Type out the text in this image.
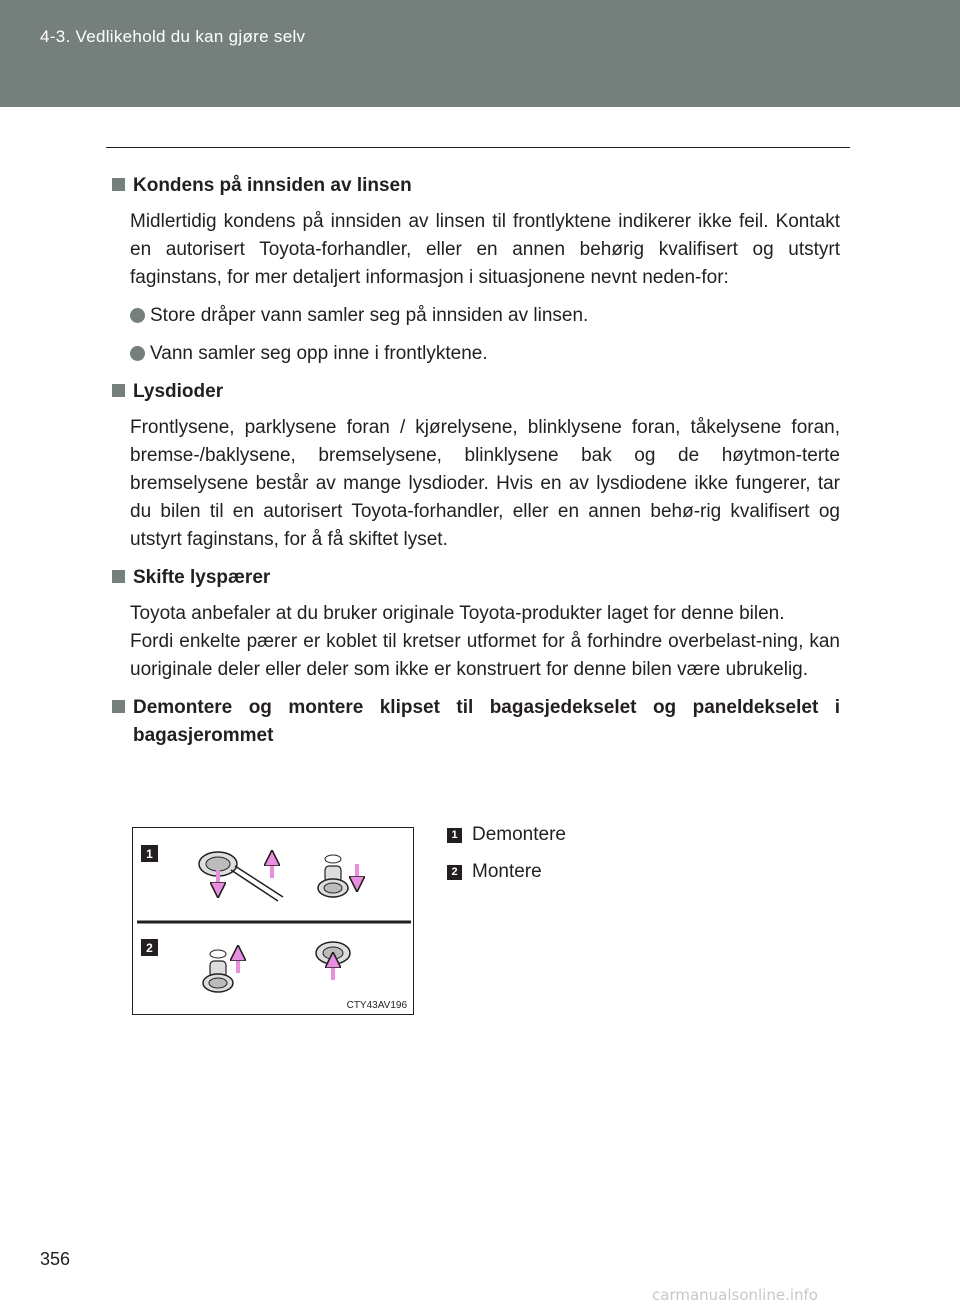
4-3. Vedlikehold du kan gjøre selv
Kondens på innsiden av linsen

Midlertidig kondens på innsiden av linsen til frontlyktene indikerer ikke feil. Kontakt en autorisert Toyota-forhandler, eller en annen behørig kvalifisert og utstyrt faginstans, for mer detaljert informasjon i situasjonene nevnt neden-for:

Store dråper vann samler seg på innsiden av linsen.
Vann samler seg opp inne i frontlyktene.
Lysdioder

Frontlysene, parklysene foran / kjørelysene, blinklysene foran, tåkelysene foran, bremse-/baklysene, bremselysene, blinklysene bak og de høytmon-terte bremselysene består av mange lysdioder. Hvis en av lysdiodene ikke fungerer, tar du bilen til en autorisert Toyota-forhandler, eller en annen behø-rig kvalifisert og utstyrt faginstans, for å få skiftet lyset.

Skifte lyspærer

Toyota anbefaler at du bruker originale Toyota-produkter laget for denne bilen.

Fordi enkelte pærer er koblet til kretser utformet for å forhindre overbelast-ning, kan uoriginale deler eller deler som ikke er konstruert for denne bilen være ubrukelig.

Demontere og montere klipset til bagasjedekselet og paneldekselet i bagasjerommet
1
2
CTY43AV196
1 Demontere
2 Montere
356
carmanualsonline.info
